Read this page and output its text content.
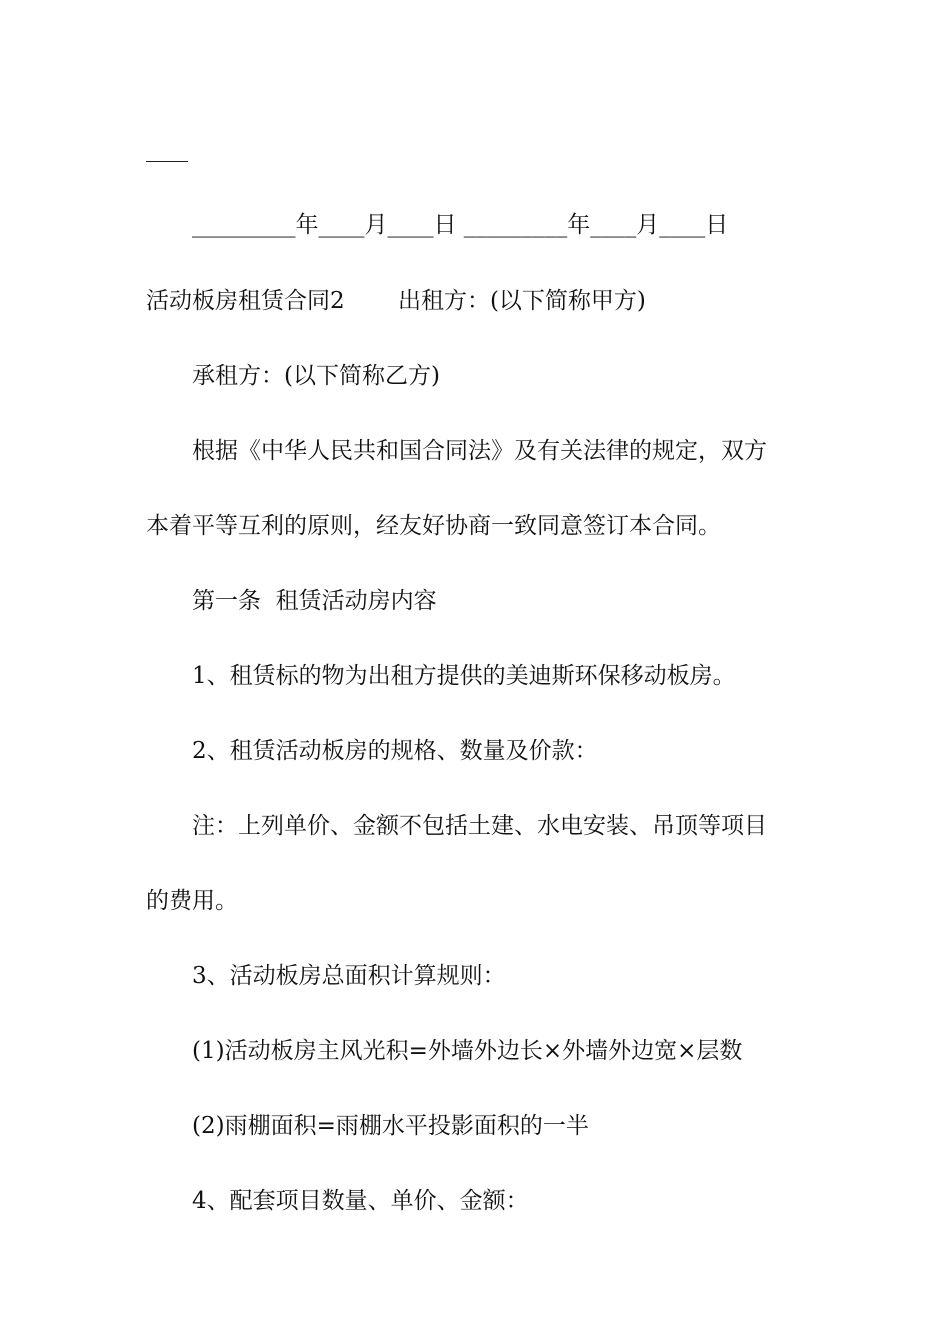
_________年____月____日 _________年____月____日
活动板房租赁合同2　　 出租方：(以下简称甲方)
承租方：(以下简称乙方)
根据《中华人民共和国合同法》及有关法律的规定，双方
本着平等互利的原则，经友好协商一致同意签订本合同。
第一条  租赁活动房内容
1、租赁标的物为出租方提供的美迪斯环保移动板房。
2、租赁活动板房的规格、数量及价款：
注：上列单价、金额不包括土建、水电安装、吊顶等项目
的费用。
3、活动板房总面积计算规则：
(1)活动板房主风光积=外墙外边长×外墙外边宽×层数
(2)雨棚面积=雨棚水平投影面积的一半
4、配套项目数量、单价、金额：
